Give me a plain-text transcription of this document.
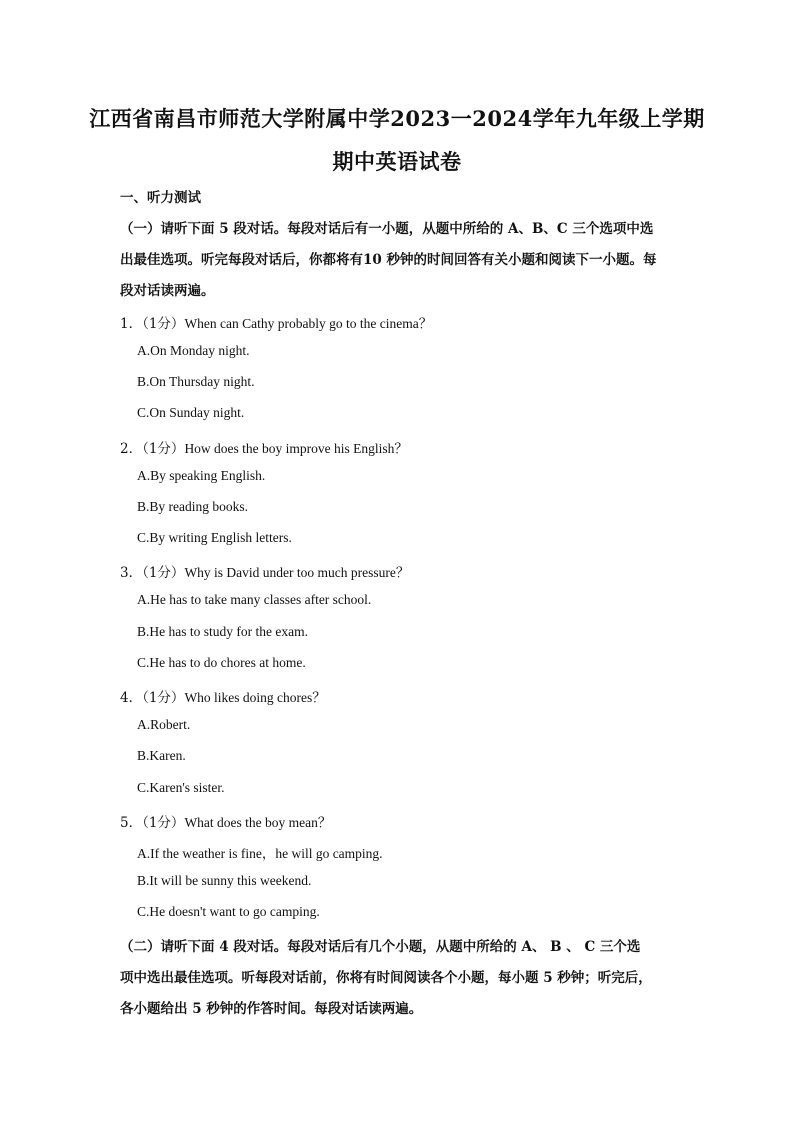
江西省南昌市师范大学附属中学2023一2024学年九年级上学期
期中英语试卷
一、听力测试
（一）请听下面 5 段对话。每段对话后有一小题，从题中所给的 A、B、C 三个选项中选
出最佳选项。听完每段对话后，你都将有10 秒钟的时间回答有关小题和阅读下一小题。每
段对话读两遍。
1．（1分）When can Cathy probably go to the cinema？
A.On Monday night.
B.On Thursday night.
C.On Sunday night.
2．（1分）How does the boy improve his English？
A.By speaking English.
B.By reading books.
C.By writing English letters.
3．（1分）Why is David under too much pressure？
A.He has to take many classes after school.
B.He has to study for the exam.
C.He has to do chores at home.
4．（1分）Who likes doing chores？
A.Robert.
B.Karen.
C.Karen's sister.
5．（1分）What does the boy mean？
A.If the weather is fine，he will go camping.
B.It will be sunny this weekend.
C.He doesn't want to go camping.
（二）请听下面 4 段对话。每段对话后有几个小题，从题中所给的 A、 B 、 C 三个选
项中选出最佳选项。听每段对话前，你将有时间阅读各个小题，每小题 5 秒钟；听完后，
各小题给出 5 秒钟的作答时间。每段对话读两遍。
